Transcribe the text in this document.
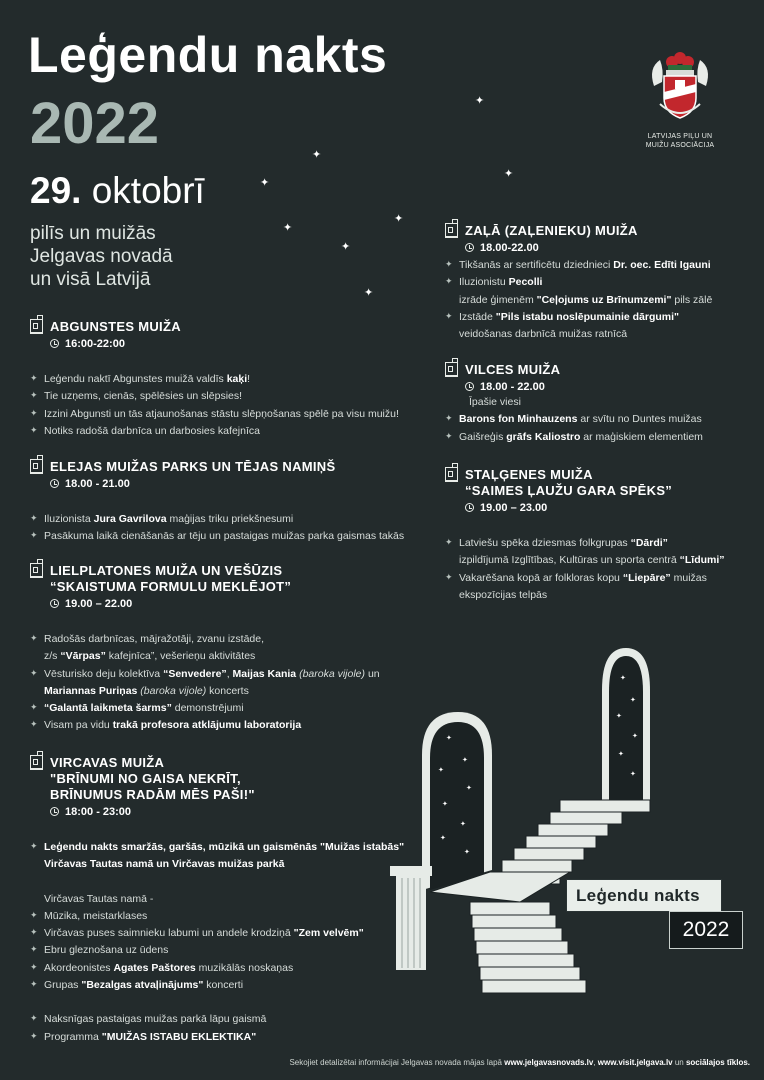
Leģendu nakts
2022
29. oktobrī
pilīs un muižās
Jelgavas novadā
un visā Latvijā
LATVIJAS PIĻU UN
MUIŽU ASOCIĀCIJA
✦
✦
✦
✦
✦
✦
✦
✦
ABGUNSTES MUIŽA
16:00-22:00
✦ Leģendu naktī Abgunstes muižā valdīs kaķi!
✦ Tie uzņems, cienās, spēlēsies un slēpsies!
✦ Izzini Abgunsti un tās atjaunošanas stāstu slēpņošanas spēlē pa visu muižu!
✦ Notiks radošā darbnīca un darbosies kafejnīca
ELEJAS MUIŽAS PARKS UN TĒJAS NAMIŅŠ
18.00 - 21.00
✦ Iluzionista Jura Gavrilova maģijas triku priekšnesumi
✦ Pasākuma laikā cienāšanās ar tēju un pastaigas muižas parka gaismas takās
LIELPLATONES MUIŽA UN VEŠŪZIS
“SKAISTUMA FORMULU MEKLĒJOT”
19.00 – 22.00
✦ Radošās darbnīcas, mājražotāji, zvanu izstāde,
z/s “Vārpas” kafejnīca”, vešerieņu aktivitātes
✦ Vēsturisko deju kolektīva “Senvedere”, Maijas Kania (baroka vijole) un
Mariannas Puriņas (baroka vijole) koncerts
✦ “Galantā laikmeta šarms” demonstrējumi
✦ Visam pa vidu trakā profesora atklājumu laboratorija
VIRCAVAS MUIŽA
"BRĪNUMI NO GAISA NEKRĪT,
BRĪNUMUS RADĀM MĒS PAŠI!"
18:00 - 23:00
✦ Leģendu nakts smaržās, garšās, mūzikā un gaismēnās "Muižas istabās"
Virčavas Tautas namā un Virčavas muižas parkā
Virčavas Tautas namā -
✦ Mūzika, meistarklases
✦ Virčavas puses saimnieku labumi un andele krodziņā "Zem velvēm"
✦ Ebru gleznošana uz ūdens
✦ Akordeonistes Agates Paštores muzikālās noskaņas
✦ Grupas "Bezalgas atvaļinājums" koncerti
✦ Naksnīgas pastaigas muižas parkā lāpu gaismā
✦ Programma "MUIŽAS ISTABU EKLEKTIKA"
ZAĻĀ (ZAĻENIEKU) MUIŽA
18.00-22.00
✦ Tikšanās ar sertificētu dziednieci Dr. oec. Edīti Igauni
✦ Iluzionistu Pecolli
izrāde ģimenēm "Ceļojums uz Brīnumzemi" pils zālē
✦ Izstāde "Pils istabu noslēpumainie dārgumi"
veidošanas darbnīcā muižas ratnīcā
VILCES MUIŽA
18.00 - 22.00
Īpašie viesi
✦ Barons fon Minhauzens ar svītu no Duntes muižas
✦ Gaišreģis grāfs Kaliostro ar maģiskiem elementiem
STAĻĢENES MUIŽA
“SAIMES ĻAUŽU GARA SPĒKS”
19.00 – 23.00
✦ Latviešu spēka dziesmas folkgrupas “Dārdi”
izpildījumā Izglītības, Kultūras un sporta centrā “Līdumi”
✦ Vakarēšana kopā ar folkloras kopu “Liepāre” muižas
ekspozīcijas telpās
✦
✦
✦
✦
✦
✦
✦
✦
✦
✦
✦
✦
✦
✦
Leģendu nakts
2022
Sekojiet detalizētai informācijai Jelgavas novada mājas lapā www.jelgavasnovads.lv, www.visit.jelgava.lv un sociālajos tīklos.
